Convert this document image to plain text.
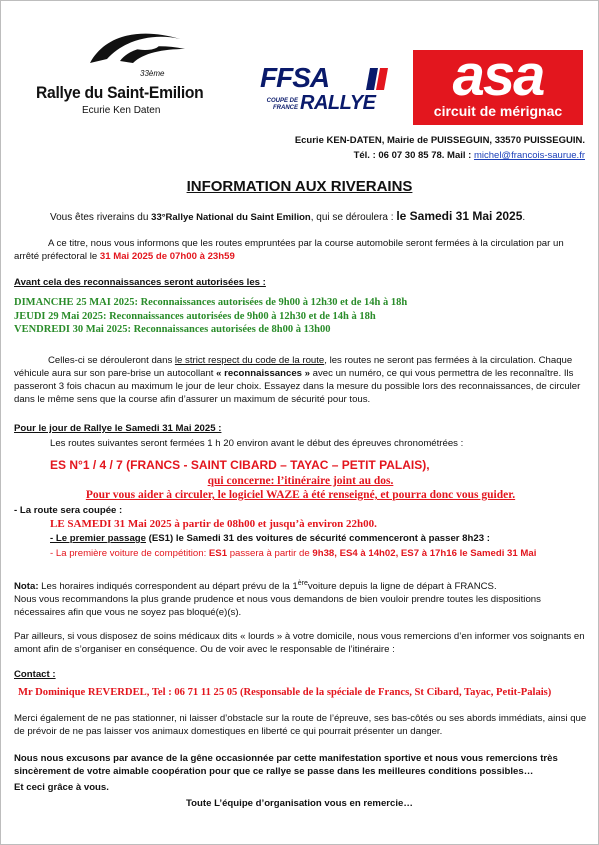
33ème
Rallye du Saint-Emilion
Ecurie Ken Daten
FFSA
COUPE DE FRANCE RALLYE	asa
circuit de mérignac
Ecurie KEN-DATEN, Mairie de PUISSEGUIN, 33570 PUISSEGUIN.
Tél. : 06 07 30 85 78. Mail : michel@francois-saurue.fr
INFORMATION AUX RIVERAINS
Vous êtes riverains du 33°Rallye National du Saint Emilion, qui se déroulera : le Samedi 31 Mai 2025.
A ce titre, nous vous informons que les routes empruntées par la course automobile seront fermées à la circulation par un arrêté préfectoral le 31 Mai 2025 de 07h00 à 23h59
Avant cela des reconnaissances seront autorisées les :
DIMANCHE 25 MAI 2025: Reconnaissances autorisées de 9h00 à 12h30 et de 14h à 18h
JEUDI 29 Mai 2025: Reconnaissances autorisées de 9h00 à 12h30 et de 14h à 18h
VENDREDI 30 Mai 2025: Reconnaissances autorisées de 8h00 à 13h00
Celles-ci se dérouleront dans le strict respect du code de la route, les routes ne seront pas fermées à la circulation. Chaque véhicule aura sur son pare-brise un autocollant « reconnaissances » avec un numéro, ce qui vous permettra de les reconnaître. Ils passeront 3 fois chacun au maximum le jour de leur choix. Essayez dans la mesure du possible lors des reconnaissances, de circuler dans le même sens que la course afin d’assurer un maximum de sécurité pour tous.
Pour le jour de Rallye le Samedi 31 Mai 2025 :
Les routes suivantes seront fermées 1 h 20 environ avant le début des épreuves chronométrées :
ES N°1 / 4 / 7 (FRANCS - SAINT CIBARD – TAYAC – PETIT PALAIS),
qui concerne: l’itinéraire joint au dos.
Pour vous aider à circuler, le logiciel WAZE à été renseigné, et pourra donc vous guider.
- La route sera coupée :
LE SAMEDI 31 Mai 2025 à partir de 08h00 et jusqu’à environ 22h00.
- Le premier passage (ES1) le Samedi 31 des voitures de sécurité commenceront à passer 8h23 :
- La première voiture de compétition: ES1 passera à partir de 9h38, ES4 à 14h02, ES7 à 17h16 le Samedi 31 Mai
Nota: Les horaires indiqués correspondent au départ prévu de la 1èrevoiture depuis la ligne de départ à FRANCS.
Nous vous recommandons la plus grande prudence et nous vous demandons de bien vouloir prendre toutes les dispositions nécessaires afin que vous ne soyez pas bloqué(e)(s).
Par ailleurs, si vous disposez de soins médicaux dits « lourds » à votre domicile, nous vous remercions d’en informer vos soignants en amont afin de s’organiser en conséquence. Ou de voir avec le responsable de l’itinéraire :
Contact :
Mr Dominique REVERDEL, Tel : 06 71 11 25 05 (Responsable de la spéciale de Francs, St Cibard, Tayac, Petit-Palais)
Merci également de ne pas stationner, ni laisser d’obstacle sur la route de l’épreuve, ses bas-côtés ou ses abords immédiats, ainsi que de prévoir de ne pas laisser vos animaux domestiques en liberté ce qui pourrait présenter un danger.
Nous nous excusons par avance de la gêne occasionnée par cette manifestation sportive et nous vous remercions très sincèrement de votre aimable coopération pour que ce rallye se passe dans les meilleures conditions possibles…
Et ceci grâce à vous.
Toute L’équipe d’organisation vous en remercie…
